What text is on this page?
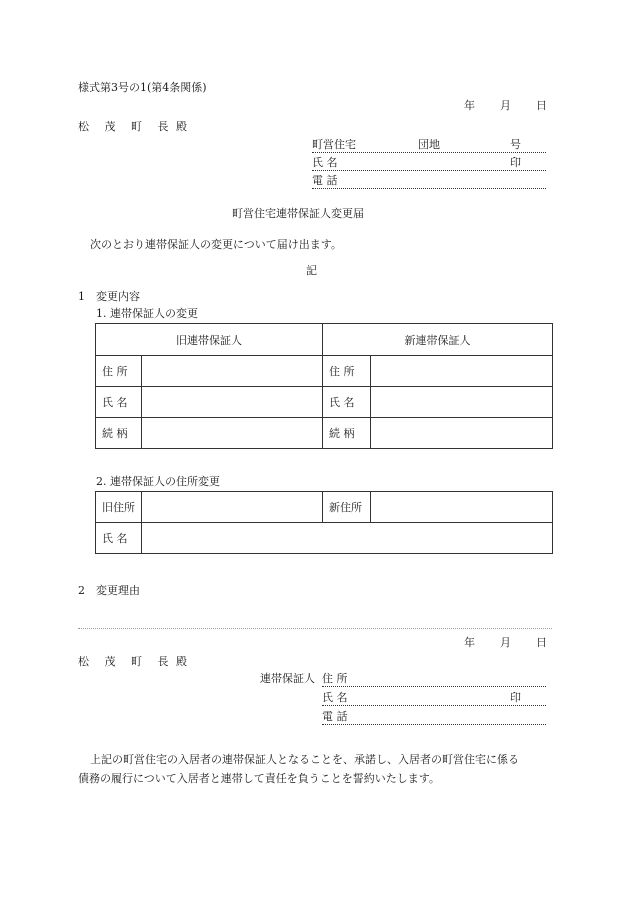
様式第3号の1(第4条関係)
年 月 日
松 茂 町 長 殿
町営住宅	団地	号
氏 名	印
電 話
町営住宅連帯保証人変更届
次のとおり連帯保証人の変更について届け出ます。
記
1 変更内容
1. 連帯保証人の変更
旧連帯保証人		新連帯保証人	
住 所		住 所	
氏 名		氏 名	
続 柄		続 柄	
2. 連帯保証人の住所変更
旧住所		新住所	
氏 名			
2 変更理由
年 月 日
松 茂 町 長 殿
連帯保証人 住 所
氏 名	印
電 話
上記の町営住宅の入居者の連帯保証人となることを、承諾し、入居者の町営住宅に係る
債務の履行について入居者と連帯して責任を負うことを誓約いたします。
